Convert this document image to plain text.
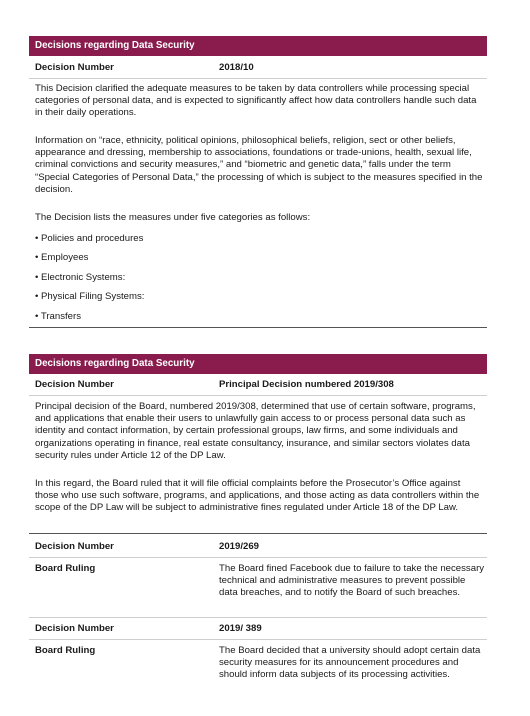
Decisions regarding Data Security
Decision Number	2018/10

This Decision clarified the adequate measures to be taken by data controllers while processing special categories of personal data, and is expected to significantly affect how data controllers handle such data in their daily operations.

Information on “race, ethnicity, political opinions, philosophical beliefs, religion, sect or other beliefs, appearance and dressing, membership to associations, foundations or trade-unions, health, sexual life, criminal convictions and security measures,” and “biometric and genetic data,” falls under the term “Special Categories of Personal Data,” the processing of which is subject to the measures specified in the decision.

The Decision lists the measures under five categories as follows:

• Policies and procedures
• Employees
• Electronic Systems:
• Physical Filing Systems:
• Transfers
Decisions regarding Data Security
Decision Number	Principal Decision numbered 2019/308

Principal decision of the Board, numbered 2019/308, determined that use of certain software, programs, and applications that enable their users to unlawfully gain access to or process personal data such as identity and contact information, by certain professional groups, law firms, and some individuals and organizations operating in finance, real estate consultancy, insurance, and similar sectors violates data security rules under Article 12 of the DP Law.

In this regard, the Board ruled that it will file official complaints before the Prosecutor’s Office against those who use such software, programs, and applications, and those acting as data controllers within the scope of the DP Law will be subject to administrative fines regulated under Article 18 of the DP Law.

Decision Number	2019/269
Board Ruling	The Board fined Facebook due to failure to take the necessary technical and administrative measures to prevent possible data breaches, and to notify the Board of such breaches.

Decision Number	2019/ 389
Board Ruling	The Board decided that a university should adopt certain data security measures for its announcement procedures and should inform data subjects of its processing activities.
